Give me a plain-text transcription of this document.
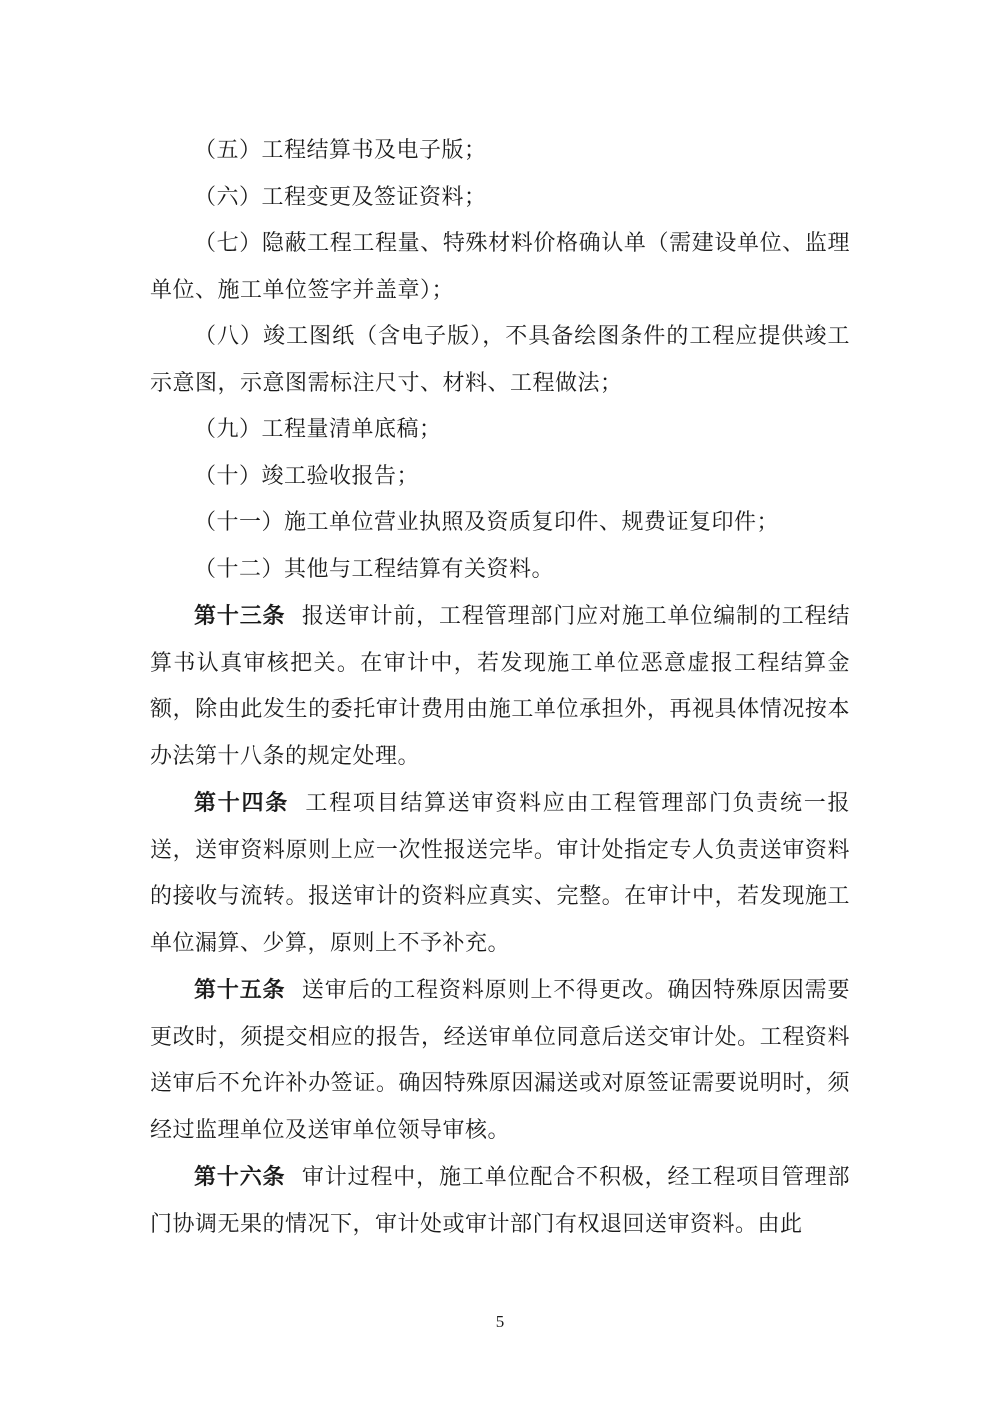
（五）工程结算书及电子版；

（六）工程变更及签证资料；

（七）隐蔽工程工程量、特殊材料价格确认单（需建设单位、监理单位、施工单位签字并盖章）；

（八）竣工图纸（含电子版），不具备绘图条件的工程应提供竣工示意图，示意图需标注尺寸、材料、工程做法；

（九）工程量清单底稿；

（十）竣工验收报告；

（十一）施工单位营业执照及资质复印件、规费证复印件；

（十二）其他与工程结算有关资料。

第十三条 报送审计前，工程管理部门应对施工单位编制的工程结算书认真审核把关。在审计中，若发现施工单位恶意虚报工程结算金额，除由此发生的委托审计费用由施工单位承担外，再视具体情况按本办法第十八条的规定处理。

第十四条 工程项目结算送审资料应由工程管理部门负责统一报送，送审资料原则上应一次性报送完毕。审计处指定专人负责送审资料的接收与流转。报送审计的资料应真实、完整。在审计中，若发现施工单位漏算、少算，原则上不予补充。

第十五条 送审后的工程资料原则上不得更改。确因特殊原因需要更改时，须提交相应的报告，经送审单位同意后送交审计处。工程资料送审后不允许补办签证。确因特殊原因漏送或对原签证需要说明时，须经过监理单位及送审单位领导审核。

第十六条 审计过程中，施工单位配合不积极，经工程项目管理部门协调无果的情况下，审计处或审计部门有权退回送审资料。由此

5
